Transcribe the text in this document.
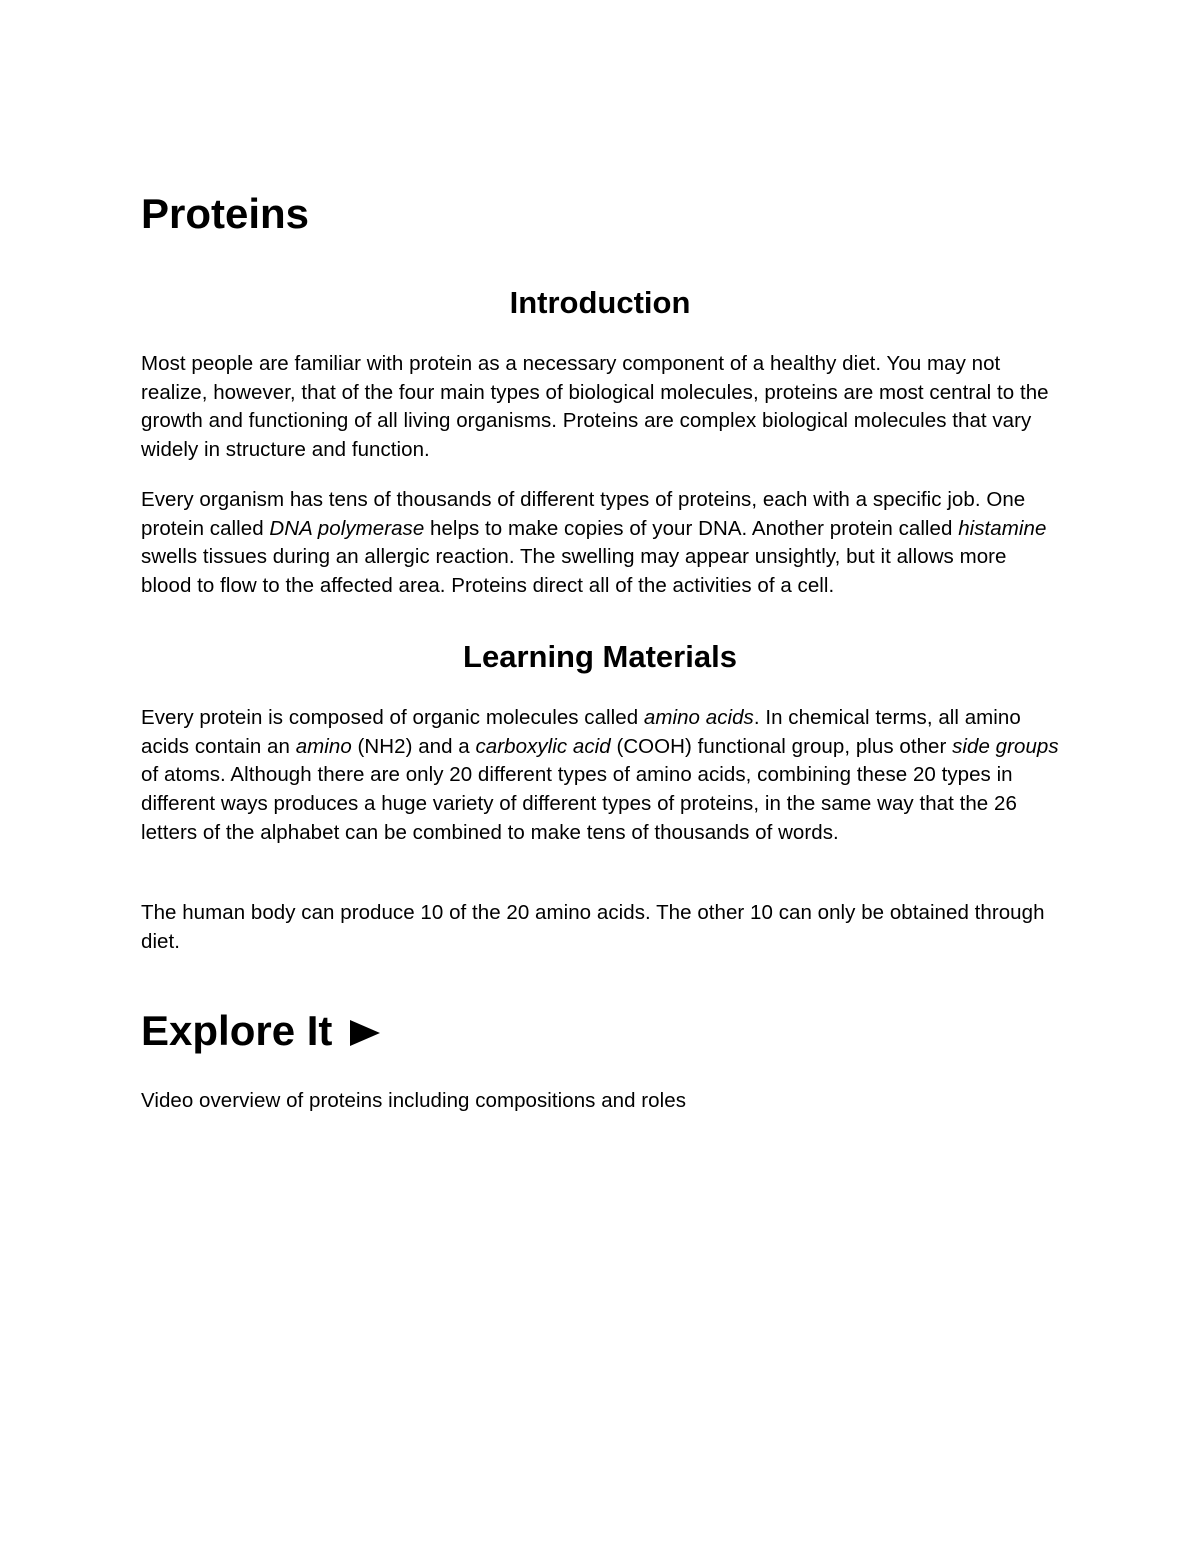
Proteins
Introduction

Most people are familiar with protein as a necessary component of a healthy diet. You may not realize, however, that of the four main types of biological molecules, proteins are most central to the growth and functioning of all living organisms. Proteins are complex biological molecules that vary widely in structure and function.

Every organism has tens of thousands of different types of proteins, each with a specific job. One protein called DNA polymerase helps to make copies of your DNA. Another protein called histamine swells tissues during an allergic reaction. The swelling may appear unsightly, but it allows more blood to flow to the affected area. Proteins direct all of the activities of a cell.

Learning Materials

Every protein is composed of organic molecules called amino acids. In chemical terms, all amino acids contain an amino (NH2) and a carboxylic acid (COOH) functional group, plus other side groups of atoms. Although there are only 20 different types of amino acids, combining these 20 types in different ways produces a huge variety of different types of proteins, in the same way that the 26 letters of the alphabet can be combined to make tens of thousands of words.

The human body can produce 10 of the 20 amino acids. The other 10 can only be obtained through diet.

Explore It

Video overview of proteins including compositions and roles
